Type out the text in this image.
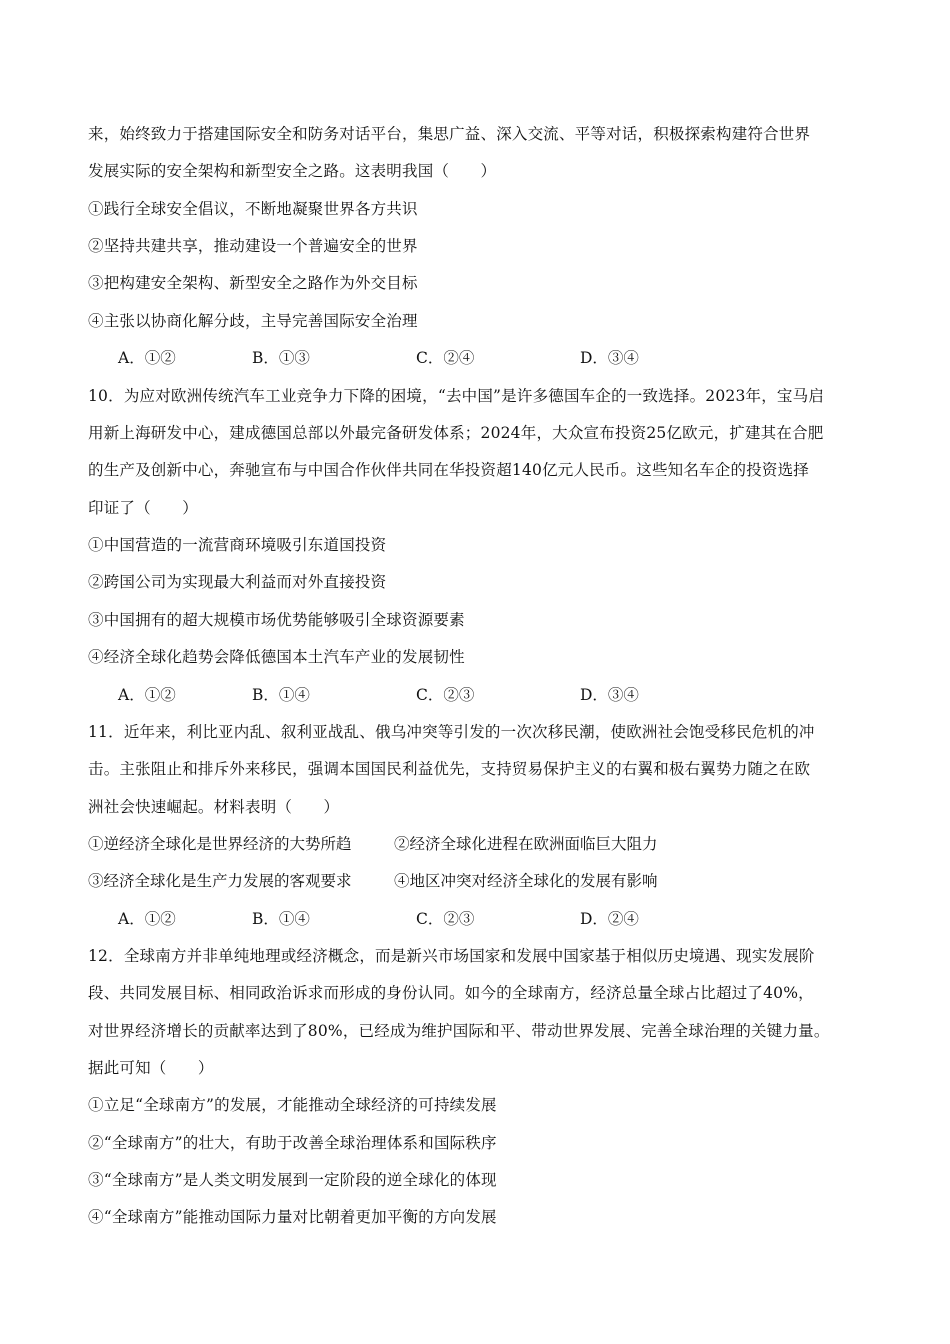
来，始终致力于搭建国际安全和防务对话平台，集思广益、深入交流、平等对话，积极探索构建符合世界
发展实际的安全架构和新型安全之路。这表明我国（　　）
①践行全球安全倡议，不断地凝聚世界各方共识
②坚持共建共享，推动建设一个普遍安全的世界
③把构建安全架构、新型安全之路作为外交目标
④主张以协商化解分歧，主导完善国际安全治理
A．①②	B．①③	C．②④	D．③④
10．为应对欧洲传统汽车工业竞争力下降的困境，“去中国”是许多德国车企的一致选择。2023年，宝马启
用新上海研发中心，建成德国总部以外最完备研发体系；2024年，大众宣布投资25亿欧元，扩建其在合肥
的生产及创新中心，奔驰宣布与中国合作伙伴共同在华投资超140亿元人民币。这些知名车企的投资选择
印证了（　　）
①中国营造的一流营商环境吸引东道国投资
②跨国公司为实现最大利益而对外直接投资
③中国拥有的超大规模市场优势能够吸引全球资源要素
④经济全球化趋势会降低德国本土汽车产业的发展韧性
A．①②	B．①④	C．②③	D．③④
11．近年来，利比亚内乱、叙利亚战乱、俄乌冲突等引发的一次次移民潮，使欧洲社会饱受移民危机的冲
击。主张阻止和排斥外来移民，强调本国国民利益优先，支持贸易保护主义的右翼和极右翼势力随之在欧
洲社会快速崛起。材料表明（　　）
①逆经济全球化是世界经济的大势所趋	②经济全球化进程在欧洲面临巨大阻力
③经济全球化是生产力发展的客观要求	④地区冲突对经济全球化的发展有影响
A．①②	B．①④	C．②③	D．②④
12．全球南方并非单纯地理或经济概念，而是新兴市场国家和发展中国家基于相似历史境遇、现实发展阶
段、共同发展目标、相同政治诉求而形成的身份认同。如今的全球南方，经济总量全球占比超过了40%，
对世界经济增长的贡献率达到了80%，已经成为维护国际和平、带动世界发展、完善全球治理的关键力量。
据此可知（　　）
①立足“全球南方”的发展，才能推动全球经济的可持续发展
②“全球南方”的壮大，有助于改善全球治理体系和国际秩序
③“全球南方”是人类文明发展到一定阶段的逆全球化的体现
④“全球南方”能推动国际力量对比朝着更加平衡的方向发展
